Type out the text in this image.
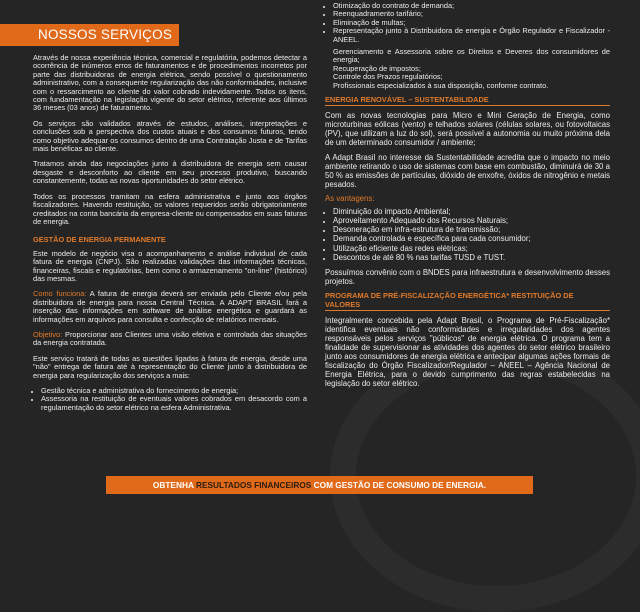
NOSSOS SERVIÇOS

Através de nossa experiência técnica, comercial e regulatória, podemos detectar a ocorrência de inúmeros erros de faturamentos e de procedimentos incorretos por parte das distribuidoras de energia elétrica, sendo possível o questionamento administrativo, com a consequente regularização das não conformidades, inclusive com o ressarcimento ao cliente do valor cobrado indevidamente. Todos os itens, com fundamentação na legislação vigente do setor elétrico, referente aos últimos 36 meses (03 anos) de faturamento.

Os serviços são validados através de estudos, análises, interpretações e conclusões sob a perspectiva dos custos atuais e dos consumos futuros, tendo como objetivo adequar os consumos dentro de uma Contratação Justa e de Tarifas mais benéficas ao cliente.

Tratamos ainda das negociações junto à distribuidora de energia sem causar desgaste e desconforto ao cliente em seu processo produtivo, buscando constantemente, todas as novas oportunidades do setor elétrico.

Todos os processos tramitam na esfera administrativa e junto aos órgãos fiscalizadores. Havendo restituição, os valores requeridos serão obrigatoriamente creditados na conta bancária da empresa-cliente ou compensados em suas faturas de energia.

GESTÃO DE ENERGIA PERMANENTE

Este modelo de negócio visa o acompanhamento e análise individual de cada fatura de energia (CNPJ). São realizadas validações das informações técnicas, financeiras, fiscais e regulatórias, bem como o armazenamento "on-line" (histórico) das mesmas.

Como funciona: A fatura de energia deverá ser enviada pelo Cliente e/ou pela distribuidora de energia para nossa Central Técnica. A ADAPT BRASIL fará a inserção das informações em software de análise energética e guardará as informações em arquivos para consulta e confecção de relatórios mensais.

Objetivo: Proporcionar aos Clientes uma visão efetiva e controlada das situações da energia contratada.

Este serviço tratará de todas as questões ligadas à fatura de energia, desde uma "não" entrega de fatura até à representação do Cliente junto à distribuidora de energia para regularização dos serviços a mais:

• Gestão técnica e administrativa do fornecimento de energia;
• Assessoria na restituição de eventuais valores cobrados em desacordo com a regulamentação do setor elétrico na esfera Administrativa.
• Otimização do contrato de demanda;
• Reenquadramento tarifário;
• Eliminação de multas;
• Representação junto à Distribuidora de energia e Órgão Regulador e Fiscalizador - ANEEL.
Gerenciamento e Assessoria sobre os Direitos e Deveres dos consumidores de energia;
Recuperação de impostos;
Controle dos Prazos regulatórios;
Profissionais especializados à sua disposição, conforme contrato.
ENERGIA RENOVÁVEL – SUSTENTABILIDADE

Com as novas tecnologias para Micro e Mini Geração de Energia, como microturbinas eólicas (vento) e telhados solares (células solares, ou fotovoltaicas (PV), que utilizam a luz do sol), será possível a autonomia ou muito próxima dela de um determinado consumidor / ambiente;

A Adapt Brasil no interesse da Sustentabilidade acredita que o impacto no meio ambiente retirando o uso de sistemas com base em combustão, diminuirá de 30 a 50 % as emissões de partículas, dióxido de enxofre, óxidos de nitrogênio e metais pesados.

As vantagens:
• Diminuição do impacto Ambiental;
• Aproveitamento Adequado dos Recursos Naturais;
• Desoneração em infra-estrutura de transmissão;
• Demanda controlada e específica para cada consumidor;
• Utilização eficiente das redes elétricas;
• Descontos de até 80 % nas tarifas TUSD e TUST.

Possuímos convênio com o BNDES para infraestrutura e desenvolvimento desses projetos.

PROGRAMA DE PRÉ-FISCALIZAÇÃO ENERGÉTICA* RESTITUIÇÃO DE VALORES

Integralmente concebida pela Adapt Brasil, o Programa de Pré-Fiscalização* identifica eventuais não conformidades e irregularidades dos agentes responsáveis pelos serviços "públicos" de energia elétrica. O programa tem a finalidade de supervisionar as atividades dos agentes do setor elétrico brasileiro junto aos consumidores de energia elétrica e antecipar algumas ações formais de fiscalização do Órgão Fiscalizador/Regulador – ANEEL – Agência Nacional de Energia Elétrica, para o devido cumprimento das regras estabelecidas na legislação do setor elétrico.

OBTENHA RESULTADOS FINANCEIROS COM GESTÃO DE CONSUMO DE ENERGIA.
